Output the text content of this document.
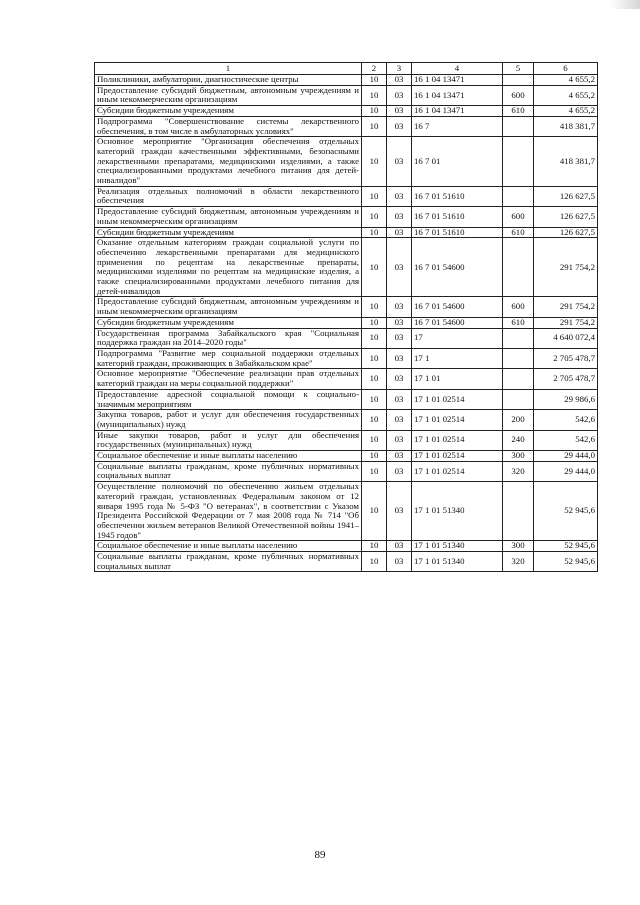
1	2	3	4	5	6
Поликлиники, амбулатории, диагностические центры	10	03	16 1 04 13471		4 655,2
Предоставление субсидий бюджетным, автономным учреждениям и иным некоммерческим организациям	10	03	16 1 04 13471	600	4 655,2
Субсидии бюджетным учреждениям	10	03	16 1 04 13471	610	4 655,2
Подпрограмма "Совершенствование системы лекарственного обеспечения, в том числе в амбулаторных условиях"	10	03	16 7		418 381,7
Основное мероприятие "Организация обеспечения отдельных категорий граждан качественными эффективными, безопасными лекарственными препаратами, медицинскими изделиями, а также специализированными продуктами лечебного питания для детей-инвалидов"	10	03	16 7 01		418 381,7
Реализация отдельных полномочий в области лекарственного обеспечения	10	03	16 7 01 51610		126 627,5
Предоставление субсидий бюджетным, автономным учреждениям и иным некоммерческим организациям	10	03	16 7 01 51610	600	126 627,5
Субсидии бюджетным учреждениям	10	03	16 7 01 51610	610	126 627,5
Оказание отдельным категориям граждан социальной услуги по обеспечению лекарственными препаратами для медицинского применения по рецептам на лекарственные препараты, медицинскими изделиями по рецептам на медицинские изделия, а также специализированными продуктами лечебного питания для детей-инвалидов	10	03	16 7 01 54600		291 754,2
Предоставление субсидий бюджетным, автономным учреждениям и иным некоммерческим организациям	10	03	16 7 01 54600	600	291 754,2
Субсидии бюджетным учреждениям	10	03	16 7 01 54600	610	291 754,2
Государственная программа Забайкальского края "Социальная поддержка граждан на 2014–2020 годы"	10	03	17		4 640 072,4
Подпрограмма "Развитие мер социальной поддержки отдельных категорий граждан, проживающих в Забайкальском крае"	10	03	17 1		2 705 478,7
Основное мероприятие "Обеспечение реализации прав отдельных категорий граждан на меры социальной поддержки"	10	03	17 1 01		2 705 478,7
Предоставление адресной социальной помощи к социально-значимым мероприятиям	10	03	17 1 01 02514		29 986,6
Закупка товаров, работ и услуг для обеспечения государственных (муниципальных) нужд	10	03	17 1 01 02514	200	542,6
Иные закупки товаров, работ и услуг для обеспечения государственных (муниципальных) нужд	10	03	17 1 01 02514	240	542,6
Социальное обеспечение и иные выплаты населению	10	03	17 1 01 02514	300	29 444,0
Социальные выплаты гражданам, кроме публичных нормативных социальных выплат	10	03	17 1 01 02514	320	29 444,0
Осуществление полномочий по обеспечению жильем отдельных категорий граждан, установленных Федеральным законом от 12 января 1995 года № 5-ФЗ "О ветеранах", в соответствии с Указом Президента Российской Федерации от 7 мая 2008 года № 714 "Об обеспечении жильем ветеранов Великой Отечественной войны 1941–1945 годов"	10	03	17 1 01 51340		52 945,6
Социальное обеспечение и иные выплаты населению	10	03	17 1 01 51340	300	52 945,6
Социальные выплаты гражданам, кроме публичных нормативных социальных выплат	10	03	17 1 01 51340	320	52 945,6
89
